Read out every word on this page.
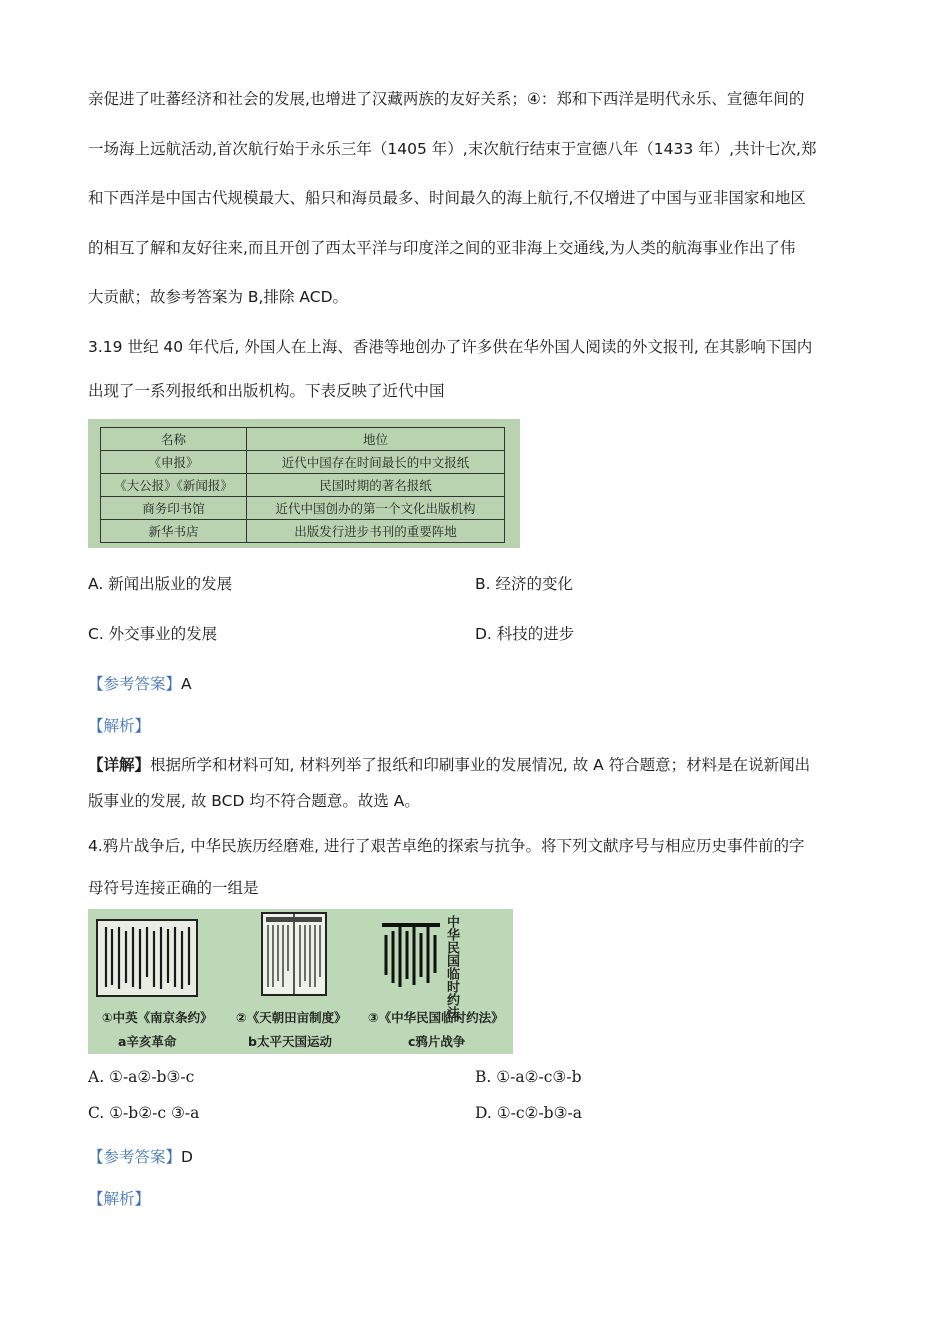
亲促进了吐蕃经济和社会的发展,也增进了汉藏两族的友好关系；④：郑和下西洋是明代永乐、宣德年间的
一场海上远航活动,首次航行始于永乐三年（1405 年）,末次航行结束于宣德八年（1433 年）,共计七次,郑
和下西洋是中国古代规模最大、船只和海员最多、时间最久的海上航行,不仅增进了中国与亚非国家和地区
的相互了解和友好往来,而且开创了西太平洋与印度洋之间的亚非海上交通线,为人类的航海事业作出了伟
大贡献；故参考答案为 B,排除 ACD。
3.19 世纪 40 年代后, 外国人在上海、香港等地创办了许多供在华外国人阅读的外文报刊, 在其影响下国内
出现了一系列报纸和出版机构。下表反映了近代中国
名称	地位
《申报》	近代中国存在时间最长的中文报纸
《大公报》《新闻报》	民国时期的著名报纸
商务印书馆	近代中国创办的第一个文化出版机构
新华书店	出版发行进步书刊的重要阵地
A. 新闻出版业的发展	B. 经济的变化
C. 外交事业的发展	D. 科技的进步
【参考答案】A
【解析】
【详解】根据所学和材料可知, 材料列举了报纸和印刷事业的发展情况, 故 A 符合题意；材料是在说新闻出
版事业的发展, 故 BCD 均不符合题意。故选 A。
4.鸦片战争后, 中华民族历经磨难, 进行了艰苦卓绝的探索与抗争。将下列文献序号与相应历史事件前的字
母符号连接正确的一组是
中华民国临时约法
①中英《南京条约》 ②《天朝田亩制度》 ③《中华民国临时约法》
a辛亥革命	b太平天国运动	c鸦片战争
A. ①-a②-b③-c	B. ①-a②-c③-b
C. ①-b②-c ③-a	D. ①-c②-b③-a
【参考答案】D
【解析】
